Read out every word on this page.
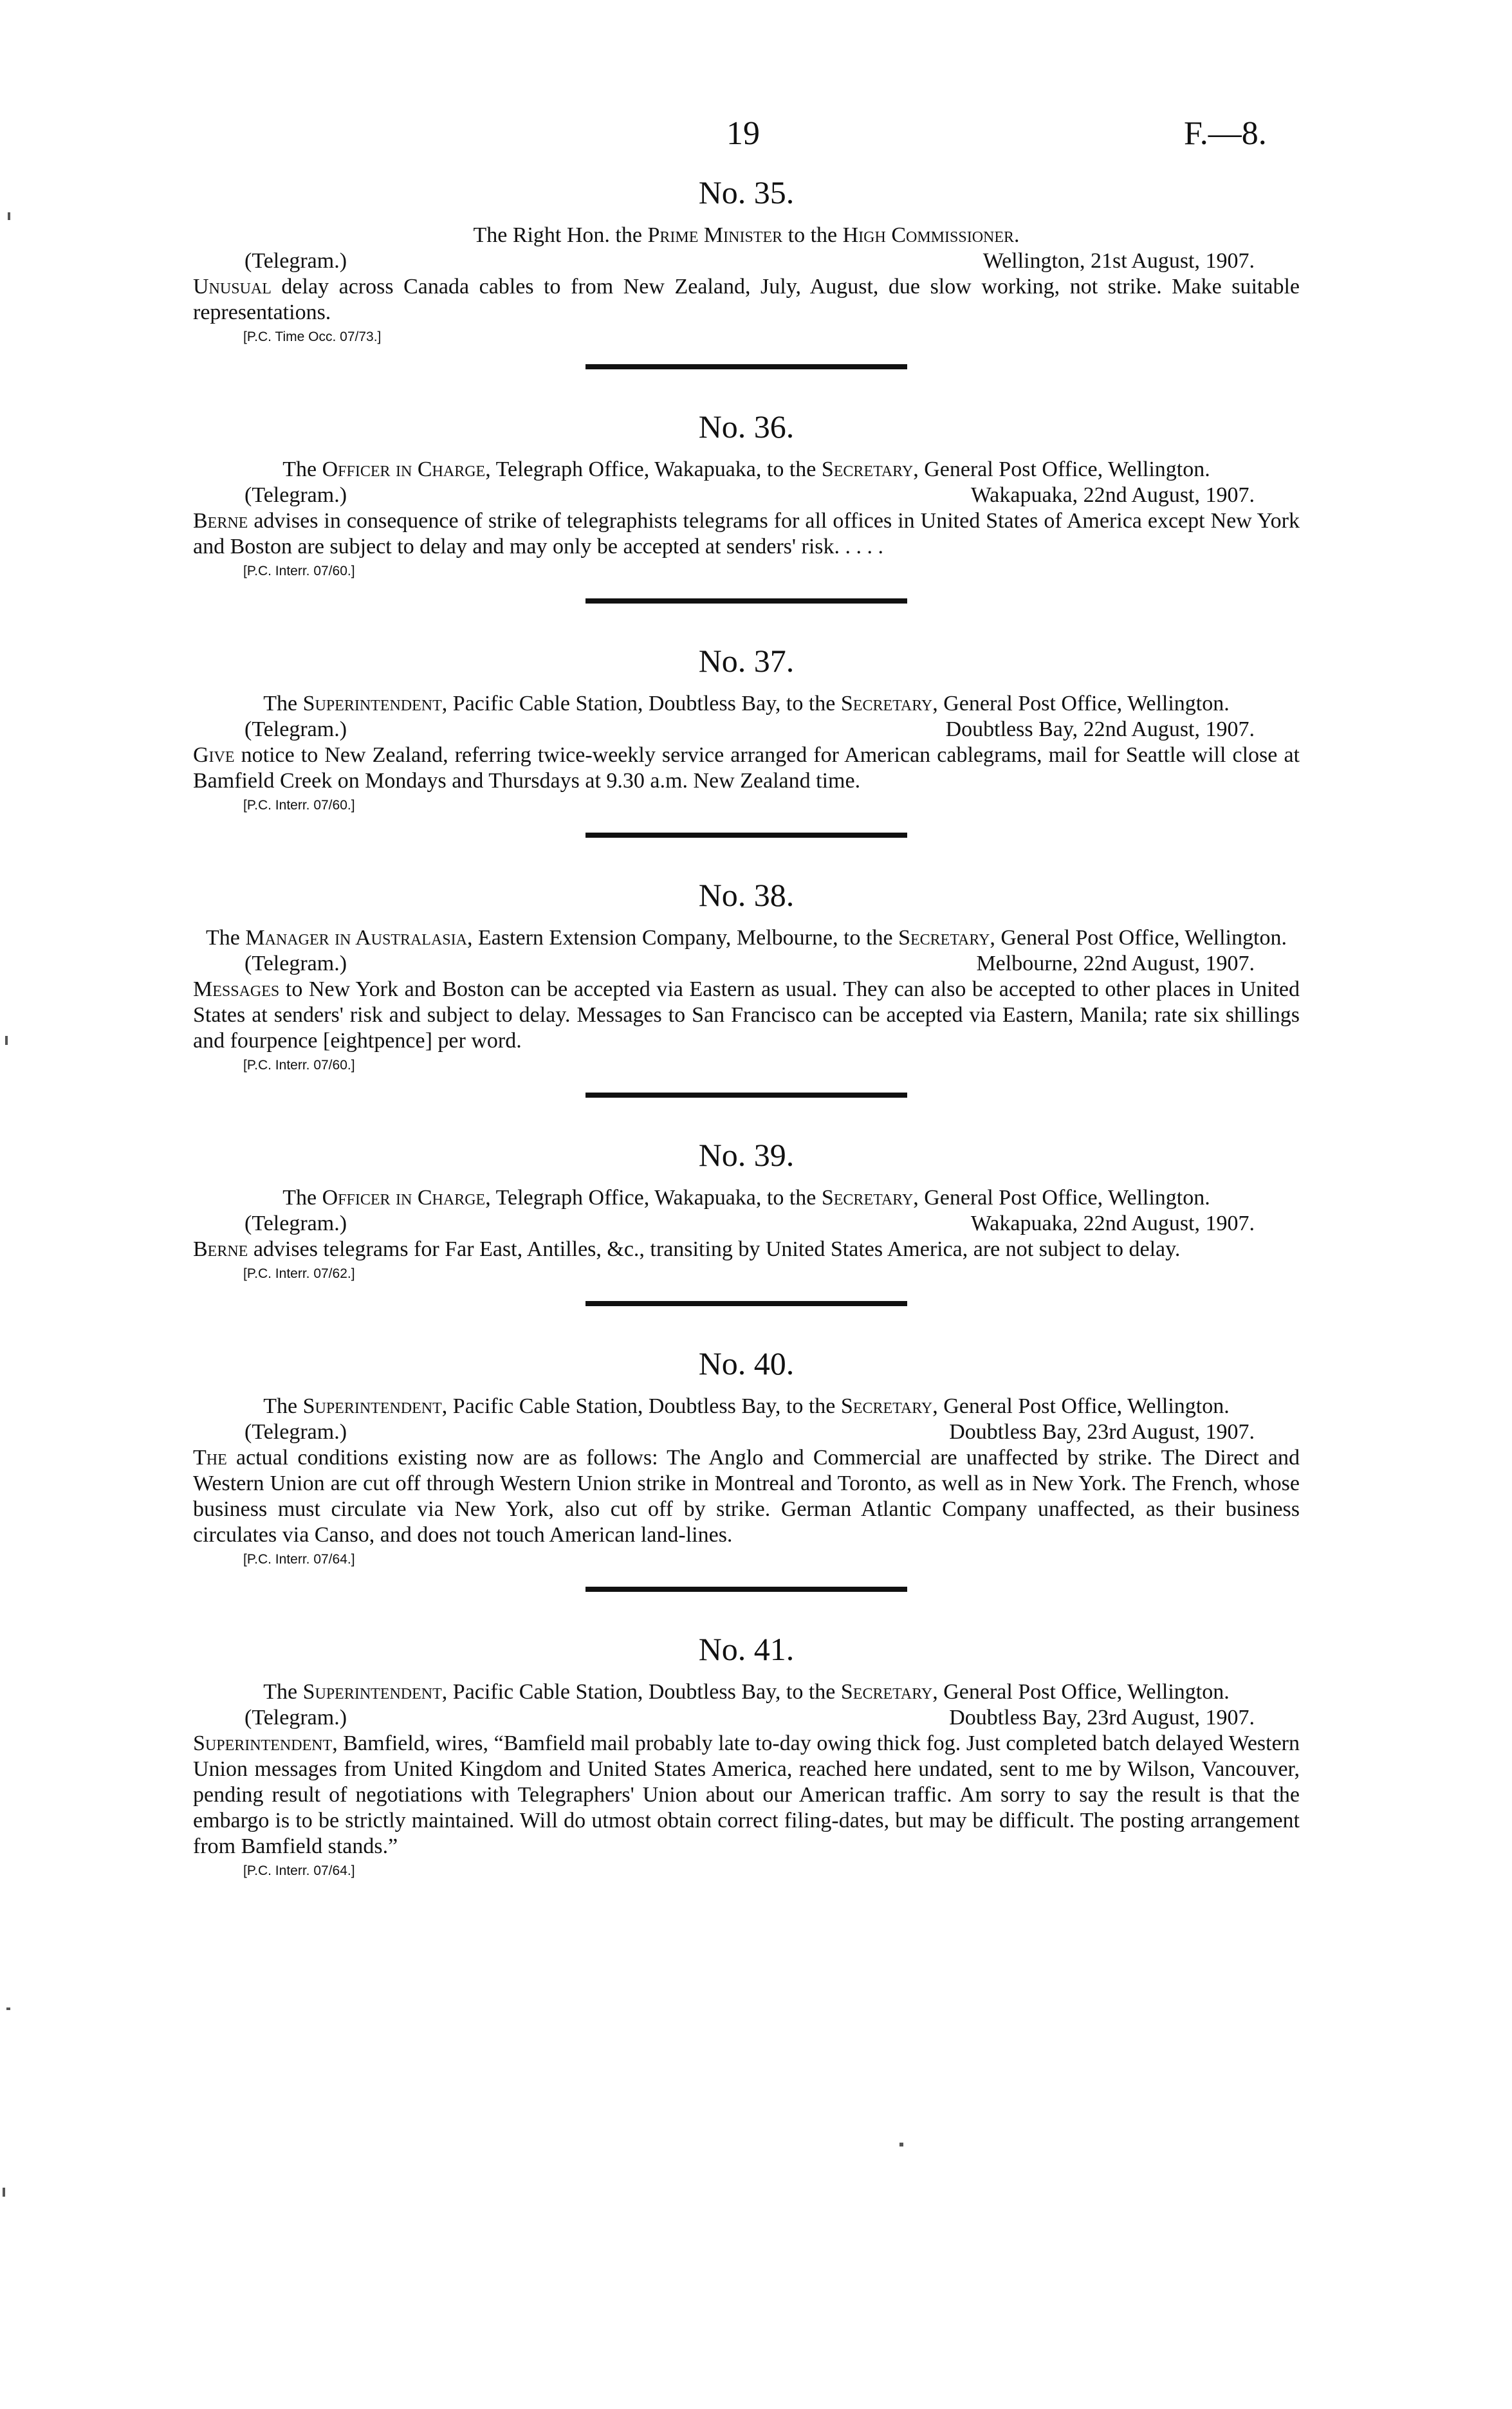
19	F.—8.
No. 35.
The Right Hon. the Prime Minister to the High Commissioner.
(Telegram.)	Wellington, 21st August, 1907.
Unusual delay across Canada cables to from New Zealand, July, August, due slow working, not strike. Make suitable representations.
[P.C. Time Occ. 07/73.]
No. 36.
The Officer in Charge, Telegraph Office, Wakapuaka, to the Secretary, General Post Office, Wellington.
(Telegram.)	Wakapuaka, 22nd August, 1907.
Berne advises in consequence of strike of telegraphists telegrams for all offices in United States of America except New York and Boston are subject to delay and may only be accepted at senders' risk. . . . .
[P.C. Interr. 07/60.]
No. 37.
The Superintendent, Pacific Cable Station, Doubtless Bay, to the Secretary, General Post Office, Wellington.
(Telegram.)	Doubtless Bay, 22nd August, 1907.
Give notice to New Zealand, referring twice-weekly service arranged for American cablegrams, mail for Seattle will close at Bamfield Creek on Mondays and Thursdays at 9.30 a.m. New Zealand time.
[P.C. Interr. 07/60.]
No. 38.
The Manager in Australasia, Eastern Extension Company, Melbourne, to the Secretary, General Post Office, Wellington.
(Telegram.)	Melbourne, 22nd August, 1907.
Messages to New York and Boston can be accepted via Eastern as usual. They can also be accepted to other places in United States at senders' risk and subject to delay. Messages to San Francisco can be accepted via Eastern, Manila; rate six shillings and fourpence [eightpence] per word.
[P.C. Interr. 07/60.]
No. 39.
The Officer in Charge, Telegraph Office, Wakapuaka, to the Secretary, General Post Office, Wellington.
(Telegram.)	Wakapuaka, 22nd August, 1907.
Berne advises telegrams for Far East, Antilles, &c., transiting by United States America, are not subject to delay.
[P.C. Interr. 07/62.]
No. 40.
The Superintendent, Pacific Cable Station, Doubtless Bay, to the Secretary, General Post Office, Wellington.
(Telegram.)	Doubtless Bay, 23rd August, 1907.
The actual conditions existing now are as follows: The Anglo and Commercial are unaffected by strike. The Direct and Western Union are cut off through Western Union strike in Montreal and Toronto, as well as in New York. The French, whose business must circulate via New York, also cut off by strike. German Atlantic Company unaffected, as their business circulates via Canso, and does not touch American land-lines.
[P.C. Interr. 07/64.]
No. 41.
The Superintendent, Pacific Cable Station, Doubtless Bay, to the Secretary, General Post Office, Wellington.
(Telegram.)	Doubtless Bay, 23rd August, 1907.
Superintendent, Bamfield, wires, “Bamfield mail probably late to-day owing thick fog. Just completed batch delayed Western Union messages from United Kingdom and United States America, reached here undated, sent to me by Wilson, Vancouver, pending result of negotiations with Telegraphers' Union about our American traffic. Am sorry to say the result is that the embargo is to be strictly maintained. Will do utmost obtain correct filing-dates, but may be difficult. The posting arrangement from Bamfield stands.”
[P.C. Interr. 07/64.]
